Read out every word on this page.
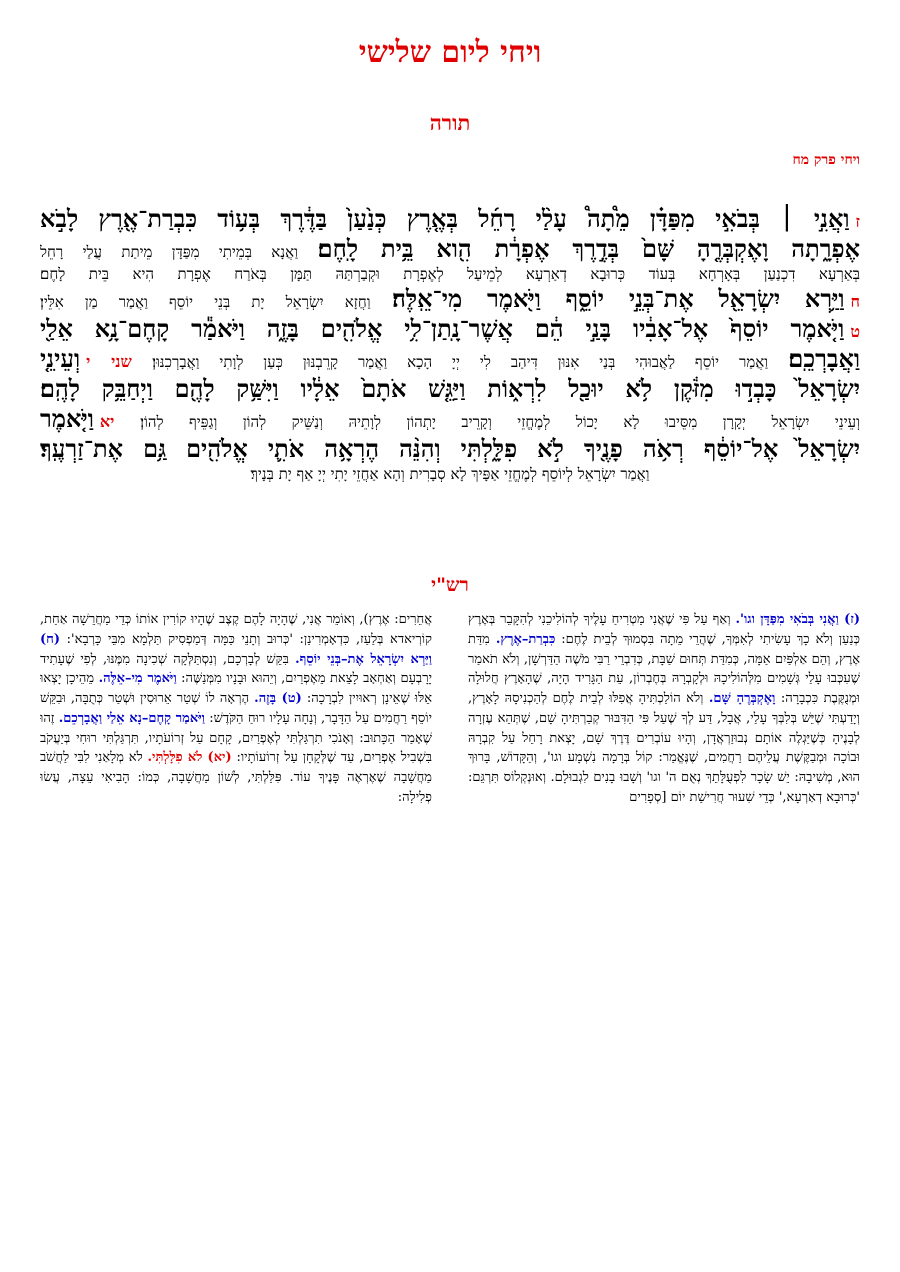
ויחי ליום שלישי
תורה
ויחי פרק מח
זוַאֲנִ֣י ׀ בְּבֹאִ֣י מִפַּדָּ֗ן מֵ֩תָה֩ עָלַ֨י רָחֵ֜ל בְּאֶ֤רֶץ כְּנַ֙עַן֙ בַּדֶּ֔רֶךְ בְּע֥וֹד כִּבְרַת־אֶ֖רֶץ לָבֹ֣א
אֶפְרָ֑תָה וָאֶקְבְּרֶ֤הָ שָּׁם֙ בְּדֶ֣רֶךְ אֶפְרָ֔ת הִ֖וא בֵּ֥ית לָֽחֶם׃ וַאֲנָא בְּמֵיתִי מִפַּדָּן מֵיתַת עֲלַי רָחֵל
בְּאַרְעָא דִכְנַעַן בְּאָרְחָא בְּעוֹד כְּרוּבָא דְאַרְעָא לְמֵיעַל לְאֶפְרָת וּקְבַרְתַּהּ תַּמָּן בְּאֹרַח אֶפְרָת הִיא בֵּית לָחֶם׃
חוַיַּ֥רְא יִשְׂרָאֵ֖ל אֶת־בְּנֵ֣י יוֹסֵ֑ף וַיֹּ֖אמֶר מִי־אֵֽלֶּה׃ וַחֲזָא יִשְׂרָאֵל יָת בְּנֵי יוֹסֵף וַאֲמַר מַן אִלֵּין׃
טוַיֹּ֤אמֶר יוֹסֵף֙ אֶל־אָבִ֔יו בָּנַ֣י הֵ֔ם אֲשֶׁר־נָֽתַן־לִ֥י אֱלֹהִ֖ים בָּזֶ֑ה וַיֹּאמַ֕ר קָחֶם־נָ֥א אֵלַ֖י
וַאֲבָרְכֵֽם׃ וַאֲמַר יוֹסֵף לַאֲבוּהִי בְּנַי אִנּוּן דִּיהַב לִי יְיָ הָכָא וַאֲמַר קָרֵבְנּוּן כְּעַן לְוָתִי וַאֲבָרְכִנּוּן׃ שני יוְעֵינֵ֤י
יִשְׂרָאֵל֙ כָּבְד֣וּ מִזֹּ֔קֶן לֹ֥א יוּכַ֖ל לִרְא֑וֹת וַיַּגֵּ֤שׁ אֹתָם֙ אֵלָ֔יו וַיִּשַּׁ֥ק לָהֶ֖ם וַיְחַבֵּ֥ק לָהֶֽם׃
וְעֵינֵי יִשְׂרָאֵל יְקָרָן מִסֵּיבוּ לָא יָכוֹל לְמֶחֱזֵי וְקָרֵיב יָתְהוֹן לְוָתֵיהּ וְנַשֵּׁיק לְהוֹן וְגַפֵּיף לְהוֹן׃ יאוַיֹּ֤אמֶר
יִשְׂרָאֵל֙ אֶל־יוֹסֵ֔ף רְאֹ֥ה פָנֶ֖יךָ לֹ֣א פִלָּ֑לְתִּי וְהִנֵּ֨ה הֶרְאָ֥ה אֹתִ֛י אֱלֹהִ֖ים גַּ֥ם אֶת־זַרְעֶֽךָ׃
וַאֲמַר יִשְׂרָאֵל לְיוֹסֵף לְמֶחֱזֵי אַפָּיךְ לָא סְבָרִית וְהָא אַחֲזֵי יָתִי יְיָ אַף יָת בְּנָיךְ׃
רש"י
(ז) וַאֲנִי בְּבֹאִי מִפַּדָּן וגו'. וְאַף עַל פִּי שֶׁאֲנִי מַטְרִיחַ עָלֶיךָ לְהוֹלִיכֵנִי לְהִקָּבֵר בְּאֶרֶץ כְּנַעַן וְלֹא כָךְ עָשִׂיתִי לְאִמְּךָ, שֶׁהֲרֵי מֵתָה בִּסְמוּךְ לְבֵית לֶחֶם: כִּבְרַת–אֶרֶץ. מִדַּת אֶרֶץ, וְהֵם אַלְפַּיִם אַמָּה, כְּמִדַּת תְּחוּם שַׁבָּת, כְּדִבְרֵי רַבִּי מֹשֶׁה הַדַּרְשָׁן, וְלֹא תֹאמַר שֶׁעִכְּבוּ עָלַי גְּשָׁמִים מִלְּהוֹלִיכָהּ וּלְקָבְרָהּ בְּחֶבְרוֹן, עֵת הַגָּרִיד הָיָה, שֶׁהָאָרֶץ חֲלוּלָה וּמְנֻקֶּבֶת כִּכְבָרָה: וָאֶקְבְּרֶהָ שָּׁם. וְלֹא הוֹלַכְתִּיהָ אֲפִלּוּ לְבֵית לֶחֶם לְהַכְנִיסָהּ לָאָרֶץ, וְיָדַעְתִּי שֶׁיֵּשׁ בְּלִבְּךָ עָלַי, אֲבָל, דַּע לְךָ שֶׁעַל פִּי הַדִּבּוּר קְבַרְתִּיהָ שָׁם, שֶׁתְּהֵא עֶזְרָה לְבָנֶיהָ כְּשֶׁיַּגְלֶה אוֹתָם נְבוּזַרְאֲדָן, וְהָיוּ עוֹבְרִים דֶּרֶךְ שָׁם, יָצְאת רָחֵל עַל קִבְרָהּ וּבוֹכָה וּמְבַקֶּשֶׁת עֲלֵיהֶם רַחֲמִים, שֶׁנֶּאֱמַר: קוֹל בְּרָמָה נִשְׁמָע וגו', וְהַקָּדוֹשׁ, בָּרוּךְ הוּא, מְשִׁיבָהּ: יֵשׁ שָׂכָר לִפְעֻלָּתֵךְ נְאֻם ה' וגו' וְשָׁבוּ בָנִים לִגְבוּלָם. וְאוּנְקְלוֹס תִּרְגֵּם: 'כְּרוּבָא דְאַרְעָא,' כְּדֵי שִׁעוּר חֲרִישַׁת יוֹם [סְפָרִים
אֲחֵרִים: אֶרֶץ), וְאוֹמֵר אֲנִי, שֶׁהָיָה לָהֶם קֶצֶב שֶׁהָיוּ קוֹרִין אוֹתוֹ כְּדֵי מַחֲרֵשָׁה אַחַת, קוֹרְיאדא בְּלַעַז, כִּדְאָמְרִינַן: 'כְּרוּב וְתָנֵי כַּמָּה דְּמַפְסִיק תַּלְמָא מִבֵּי כָּרְבָא': (ח) וַיַּרְא יִשְׂרָאֵל אֶת–בְּנֵי יוֹסֵף. בִּקֵּשׁ לְבָרְכָם, וְנִסְתַּלְּקָה שְׁכִינָה מִמֶּנּוּ, לְפִי שֶׁעָתִיד יָרָבְעָם וְאַחְאָב לָצֵאת מֵאֶפְרַיִם, וְיֵהוּא וּבָנָיו מִמְּנַשֶּׁה: וַיֹּאמֶר מִי–אֵלֶּה. מֵהֵיכָן יָצְאוּ אֵלּוּ שֶׁאֵינָן רְאוּיִין לִבְרָכָה: (ט) בָּזֶה. הֶרְאָה לוֹ שְׁטַר אֵרוּסִין וּשְׁטַר כְּתֻבָּה, וּבִקֵּשׁ יוֹסֵף רַחֲמִים עַל הַדָּבָר, וְנָחָה עָלָיו רוּחַ הַקֹּדֶשׁ: וַיֹּאמַר קָחֶם–נָא אֵלַי וַאֲבָרְכֵם. זֶהוּ שֶׁאָמַר הַכָּתוּב: וְאָנֹכִי תִרְגַּלְתִּי לְאֶפְרַיִם, קָחָם עַל זְרוֹעֹתָיו, תִּרְגַּלְתִּי רוּחִי בְּיַעֲקֹב בִּשְׁבִיל אֶפְרַיִם, עַד שֶׁלְּקָחָן עַל זְרוֹעוֹתָיו: (יא) לֹא פִלָּלְתִּי. לֹא מְלָאַנִי לִבִּי לַחֲשֹׁב מַחֲשָׁבָה שֶׁאֶרְאֶה פָּנֶיךָ עוֹד. פִּלַּלְתִּי, לְשׁוֹן מַחֲשָׁבָה, כְּמוֹ: הָבִיאִי עֵצָה, עֲשׂוּ פְלִילָה:
